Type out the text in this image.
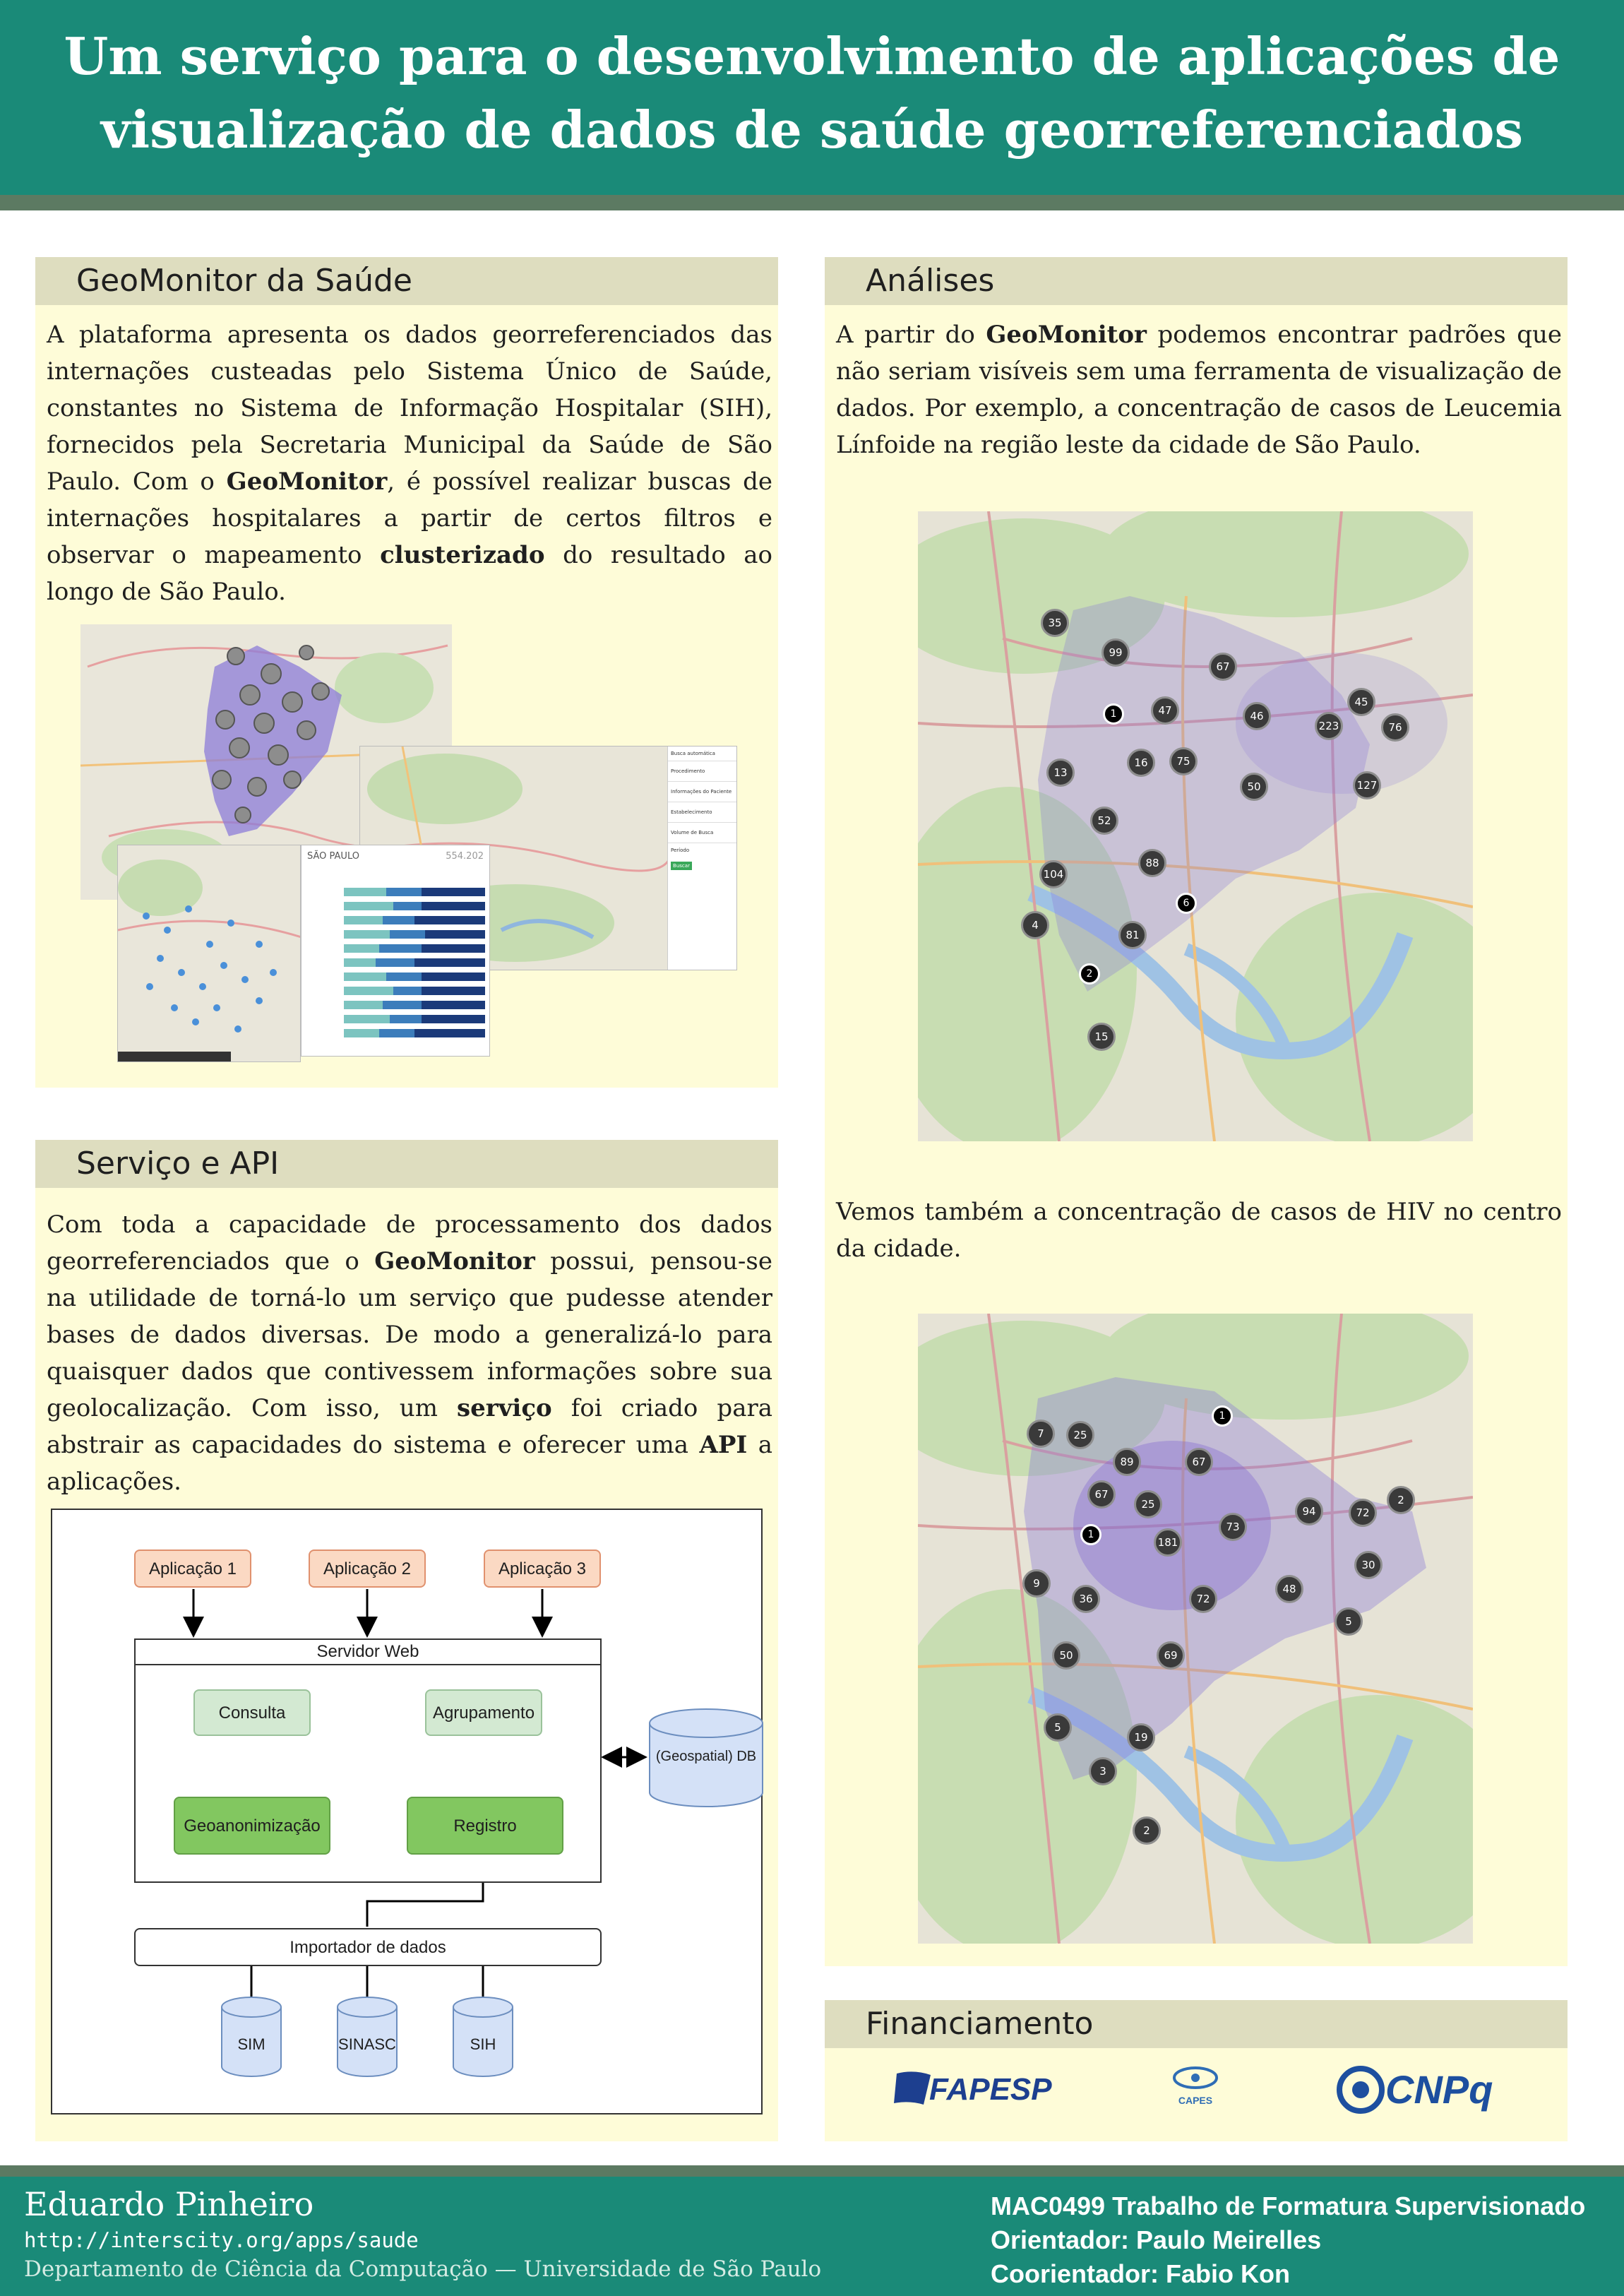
Um serviço para o desenvolvimento de aplicações de
visualização de dados de saúde georreferenciados
GeoMonitor da Saúde
A plataforma apresenta os dados georreferenciados das internações custeadas pelo Sistema Único de Saúde, constantes no Sistema de Informação Hospitalar (SIH), fornecidos pela Secretaria Municipal da Saúde de São Paulo. Com o GeoMonitor, é possível realizar buscas de internações hospitalares a partir de certos filtros e observar o mapeamento clusterizado do resultado ao longo de São Paulo.
Busca automática
Procedimento
Informações do Paciente
Estabelecimento
Volume de Busca
Período
Buscar
SÃO PAULO	554.202
Serviço e API
Com toda a capacidade de processamento dos dados georreferenciados que o GeoMonitor possui, pensou-se na utilidade de torná-lo um serviço que pudesse atender bases de dados diversas. De modo a generalizá-lo para quaisquer dados que contivessem informações sobre sua geolocalização. Com isso, um serviço foi criado para abstrair as capacidades do sistema e oferecer uma API a aplicações.
Aplicação 1	Aplicação 2	Aplicação 3
Servidor Web
Consulta	Agrupamento
Geoanonimização	Registro
(Geospatial) DB
Importador de dados
SIM	SINASC	SIH
Análises
A partir do GeoMonitor podemos encontrar padrões que não seriam visíveis sem uma ferramenta de visualização de dados. Por exemplo, a concentração de casos de Leucemia Línfoide na região leste da cidade de São Paulo.
35
99
67
1	47	46
223
45
76
13
16	75
50	127
52
88
104
6
4
81
2
15
Vemos também a concentração de casos de HIV no centro da cidade.
1
7	25
89	67
67
25
73
94	72
2
1
181
9
36	72
48
30
5
50	69
5
19
3
2
Financiamento
FAPESP	CAPES	CNPq
Eduardo Pinheiro
http://interscity.org/apps/saude
Departamento de Ciência da Computação — Universidade de São Paulo
MAC0499 Trabalho de Formatura Supervisionado
Orientador: Paulo Meirelles
Coorientador: Fabio Kon
